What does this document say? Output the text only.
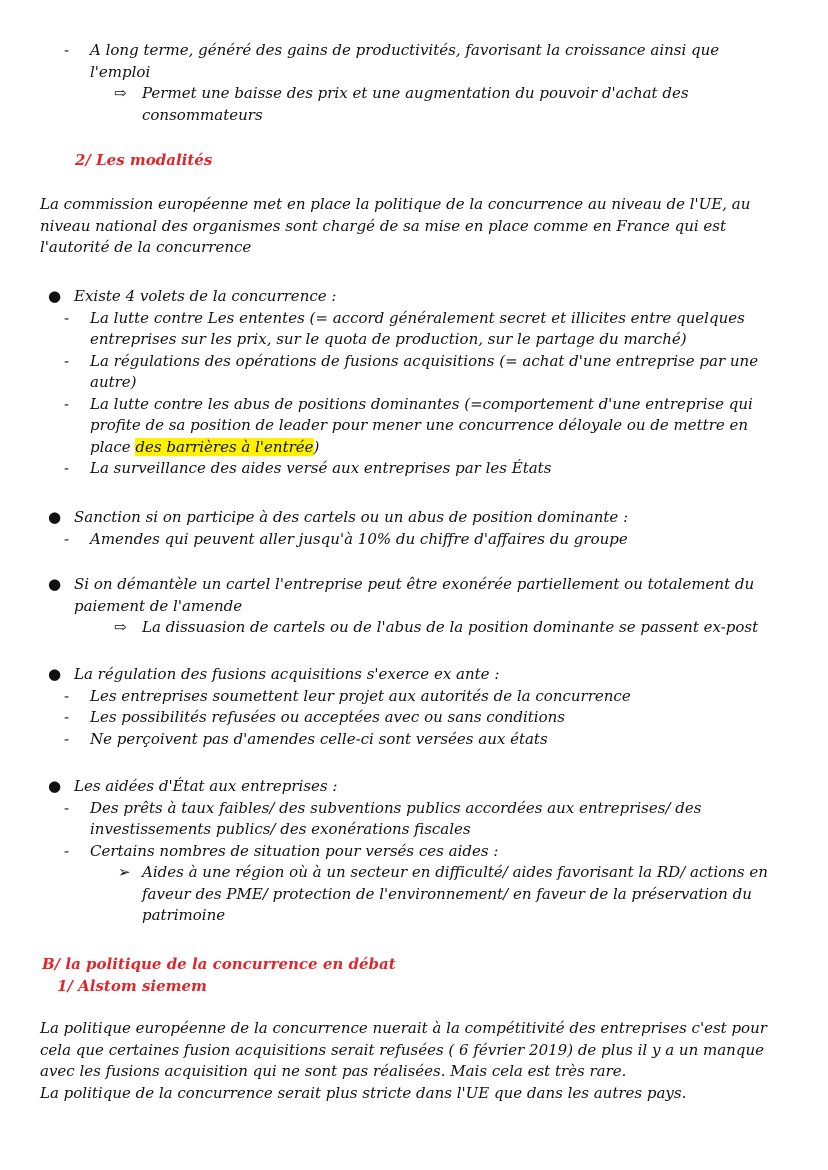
- A long terme, généré des gains de productivités, favorisant la croissance ainsi que
l'emploi
⇨ Permet une baisse des prix et une augmentation du pouvoir d'achat des
consommateurs
2/ Les modalités
La commission européenne met en place la politique de la concurrence au niveau de l'UE, au
niveau national des organismes sont chargé de sa mise en place comme en France qui est
l'autorité de la concurrence
● Existe 4 volets de la concurrence :
- La lutte contre Les ententes (= accord généralement secret et illicites entre quelques
entreprises sur les prix, sur le quota de production, sur le partage du marché)
- La régulations des opérations de fusions acquisitions (= achat d'une entreprise par une
autre)
- La lutte contre les abus de positions dominantes (=comportement d'une entreprise qui
profite de sa position de leader pour mener une concurrence déloyale ou de mettre en
place des barrières à l'entrée)
- La surveillance des aides versé aux entreprises par les États
● Sanction si on participe à des cartels ou un abus de position dominante :
- Amendes qui peuvent aller jusqu'à 10% du chiffre d'affaires du groupe
● Si on démantèle un cartel l'entreprise peut être exonérée partiellement ou totalement du
paiement de l'amende
⇨ La dissuasion de cartels ou de l'abus de la position dominante se passent ex-post
● La régulation des fusions acquisitions s'exerce ex ante :
- Les entreprises soumettent leur projet aux autorités de la concurrence
- Les possibilités refusées ou acceptées avec ou sans conditions
- Ne perçoivent pas d'amendes celle-ci sont versées aux états
● Les aidées d'État aux entreprises :
- Des prêts à taux faibles/ des subventions publics accordées aux entreprises/ des
investissements publics/ des exonérations fiscales
- Certains nombres de situation pour versés ces aides :
➢ Aides à une région où à un secteur en difficulté/ aides favorisant la RD/ actions en
faveur des PME/ protection de l'environnement/ en faveur de la préservation du
patrimoine
B/ la politique de la concurrence en débat
1/ Alstom siemem
La politique européenne de la concurrence nuerait à la compétitivité des entreprises c'est pour
cela que certaines fusion acquisitions serait refusées ( 6 février 2019) de plus il y a un manque
avec les fusions acquisition qui ne sont pas réalisées. Mais cela est très rare.
La politique de la concurrence serait plus stricte dans l'UE que dans les autres pays.
